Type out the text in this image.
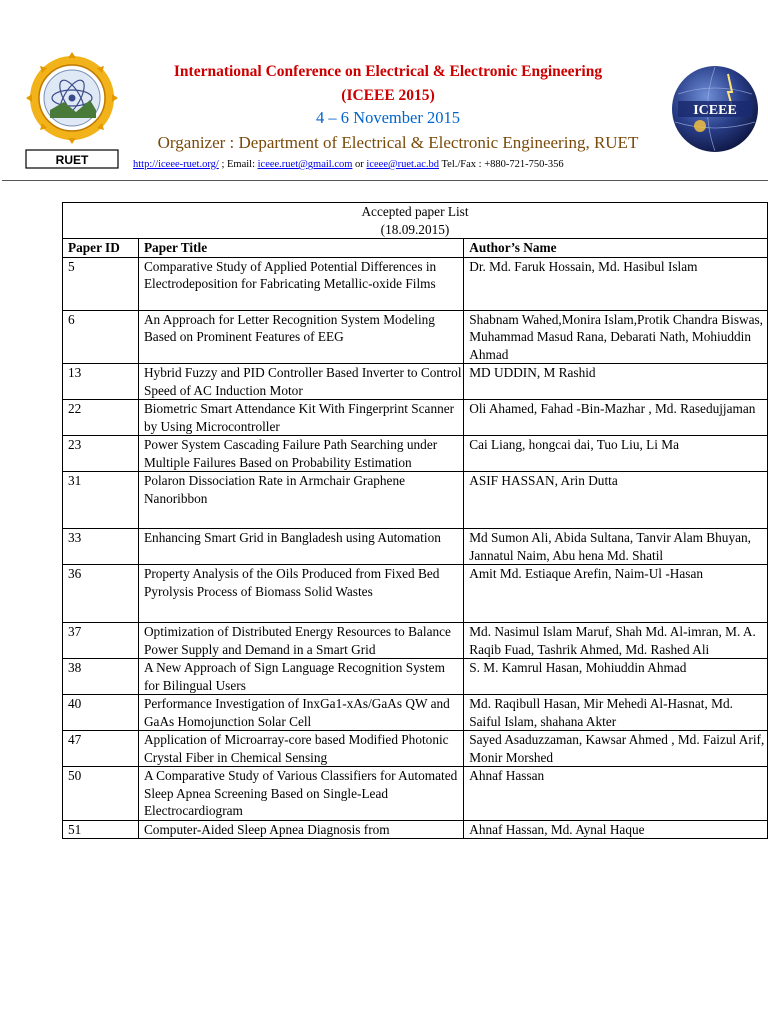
RUET
ICEEE

International Conference on Electrical & Electronic Engineering

(ICEEE 2015)

4 – 6 November 2015

Organizer : Department of Electrical & Electronic Engineering, RUET

http://iceee-ruet.org/ ; Email: iceee.ruet@gmail.com or iceee@ruet.ac.bd Tel./Fax : +880-721-750-356
Accepted paper List
(18.09.2015)		

Paper ID	Paper Title	Author’s Name
5	Comparative Study of Applied Potential Differences in Electrodeposition for Fabricating Metallic-oxide Films	Dr. Md. Faruk Hossain, Md. Hasibul Islam
6	An Approach for Letter Recognition System Modeling Based on Prominent Features of EEG	Shabnam Wahed,Monira Islam,Protik Chandra Biswas, Muhammad Masud Rana, Debarati Nath, Mohiuddin Ahmad
13	Hybrid Fuzzy and PID Controller Based Inverter to Control Speed of AC Induction Motor	MD UDDIN, M Rashid
22	Biometric Smart Attendance Kit With Fingerprint Scanner by Using Microcontroller	Oli Ahamed, Fahad -Bin-Mazhar , Md. Rasedujjaman
23	Power System Cascading Failure Path Searching under Multiple Failures Based on Probability Estimation	Cai Liang, hongcai dai, Tuo Liu, Li Ma
31	Polaron Dissociation Rate in Armchair Graphene Nanoribbon	ASIF HASSAN, Arin Dutta
33	Enhancing Smart Grid in Bangladesh using Automation	Md Sumon Ali, Abida Sultana, Tanvir Alam Bhuyan, Jannatul Naim, Abu hena Md. Shatil
36	Property Analysis of the Oils Produced from Fixed Bed Pyrolysis Process of Biomass Solid Wastes	Amit Md. Estiaque Arefin, Naim-Ul -Hasan
37	Optimization of Distributed Energy Resources to Balance Power Supply and Demand in a Smart Grid	Md. Nasimul Islam Maruf, Shah Md. Al-imran, M. A. Raqib Fuad, Tashrik Ahmed, Md. Rashed Ali
38	A New Approach of Sign Language Recognition System for Bilingual Users	S. M. Kamrul Hasan, Mohiuddin Ahmad
40	Performance Investigation of InxGa1-xAs/GaAs QW and GaAs Homojunction Solar Cell	Md. Raqibull Hasan, Mir Mehedi Al-Hasnat, Md. Saiful Islam, shahana Akter
47	Application of Microarray-core based Modified Photonic Crystal Fiber in Chemical Sensing	Sayed Asaduzzaman, Kawsar Ahmed , Md. Faizul Arif, Monir Morshed
50	A Comparative Study of Various Classifiers for Automated Sleep Apnea Screening Based on Single-Lead Electrocardiogram	Ahnaf Hassan
51	Computer-Aided Sleep Apnea Diagnosis from	Ahnaf Hassan, Md. Aynal Haque
